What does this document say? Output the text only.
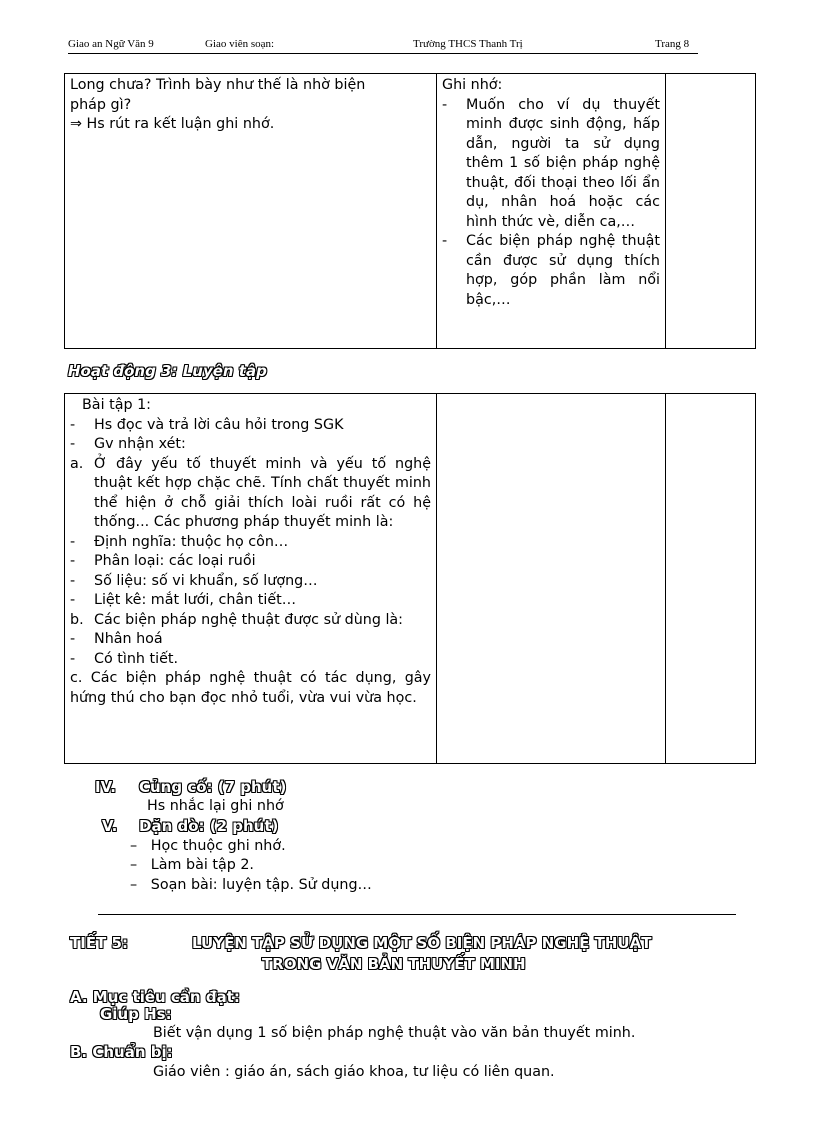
Giao an Ngữ Văn 9	Giao viên soạn:	Trường THCS Thanh Trị	Trang 8
Long chưa? Trình bày như thế là nhờ biện
pháp gì?
⇒ Hs rút ra kết luận ghi nhớ.

Ghi nhớ:
-	Muốn cho ví dụ thuyết minh được sinh động, hấp dẫn, người ta sử dụng thêm 1 số biện pháp nghệ thuật, đối thoại theo lối ẩn dụ, nhân hoá hoặc các hình thức vè, diễn ca,…
-	Các biện pháp nghệ thuật cần được sử dụng thích hợp, góp phần làm nổi bậc,…

Hoạt động 3: Luyện tập
Bài tập 1:
-	Hs đọc và trả lời câu hỏi trong SGK
-	Gv nhận xét:
a. Ở đây yếu tố thuyết minh và yếu tố nghệ thuật kết hợp chặc chẽ. Tính chất thuyết minh thể hiện ở chỗ giải thích loài ruồi rất có hệ thống... Các phương pháp thuyết minh là:
-	Định nghĩa: thuộc họ côn…
-	Phân loại: các loại ruồi
-	Số liệu: số vi khuẩn, số lượng…
-	Liệt kê: mắt lưới, chân tiết…
b. Các biện pháp nghệ thuật được sử dùng là:
-	Nhân hoá
-	Có tình tiết.
c. Các biện pháp nghệ thuật có tác dụng, gây hứng thú cho bạn đọc nhỏ tuổi, vừa vui vừa học.

IV. Củng cố: (7 phút)
Hs nhắc lại ghi nhớ
V. Dặn dò: (2 phút)
–   Học thuộc ghi nhớ.
–   Làm bài tập 2.
–   Soạn bài: luyện tập. Sử dụng…
TIẾT 5:	LUYỆN TẬP SỬ DỤNG MỘT SỐ BIỆN PHÁP NGHỆ THUẬT
TRONG VĂN BẢN THUYẾT MINH
A. Mục tiêu cần đạt:
Giúp Hs:
Biết vận dụng 1 số biện pháp nghệ thuật vào văn bản thuyết minh.
B. Chuẩn bị:
Giáo viên : giáo án, sách giáo khoa, tư liệu có liên quan.
